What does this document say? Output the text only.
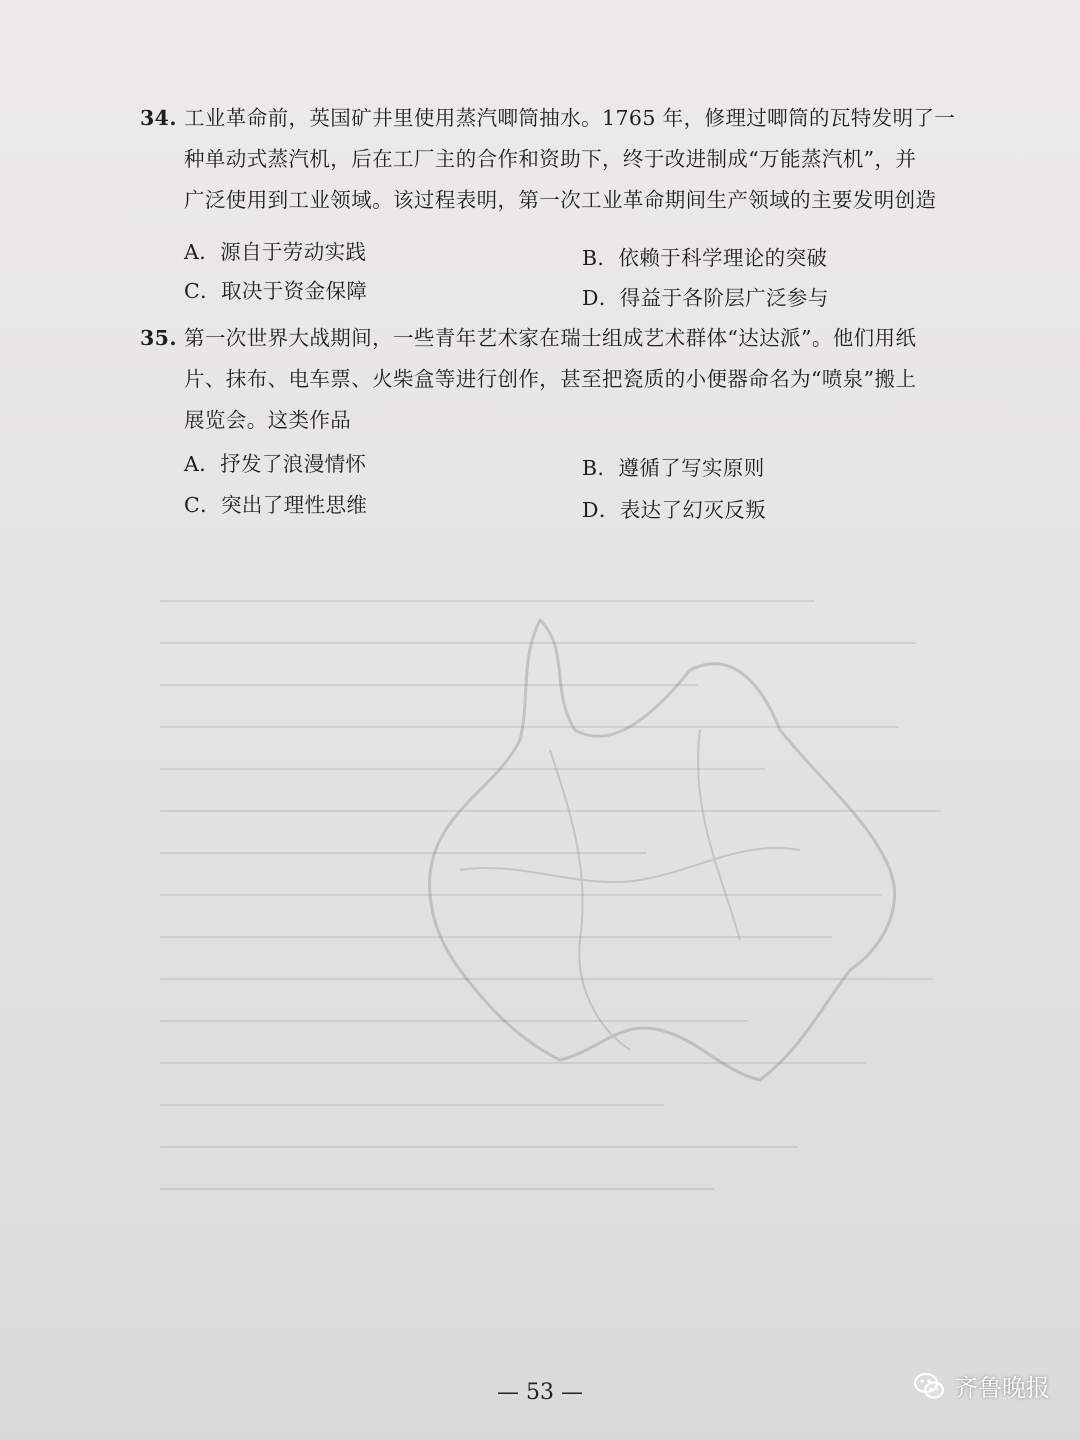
34. 工业革命前，英国矿井里使用蒸汽唧筒抽水。1765 年，修理过唧筒的瓦特发明了一
种单动式蒸汽机，后在工厂主的合作和资助下，终于改进制成“万能蒸汽机”，并
广泛使用到工业领域。该过程表明，第一次工业革命期间生产领域的主要发明创造
A．源自于劳动实践	B．依赖于科学理论的突破
C．取决于资金保障	D．得益于各阶层广泛参与
35. 第一次世界大战期间，一些青年艺术家在瑞士组成艺术群体“达达派”。他们用纸
片、抹布、电车票、火柴盒等进行创作，甚至把瓷质的小便器命名为“喷泉”搬上
展览会。这类作品
A．抒发了浪漫情怀	B．遵循了写实原则
C．突出了理性思维	D．表达了幻灭反叛
— 53 —	齐鲁晚报
